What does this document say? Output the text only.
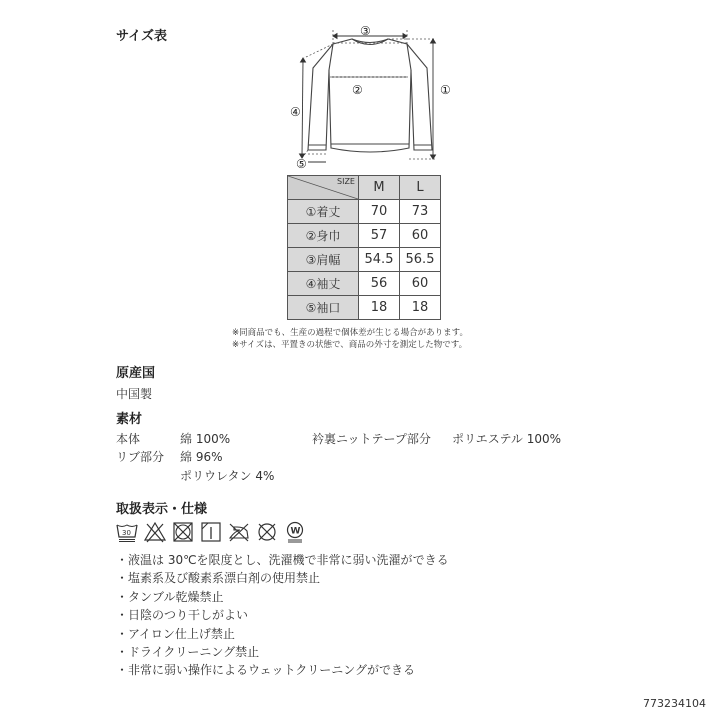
サイズ表	③
②	①
④
⑤
SIZE	M	L
①着丈	70	73
②身巾	57	60
③肩幅	54.5	56.5
④袖丈	56	60
⑤袖口	18	18
※同商品でも、生産の過程で個体差が生じる場合があります。
※サイズは、平置きの状態で、商品の外寸を測定した物です。
原産国
中国製
素材
本体	綿 100%	衿裏ニットテープ部分 ポリエステル 100%
リブ部分 綿 96%
ポリウレタン 4%
取扱表示・仕様
30	W
・液温は 30℃を限度とし、洗濯機で非常に弱い洗濯ができる
・塩素系及び酸素系漂白剤の使用禁止
・タンブル乾燥禁止
・日陰のつり干しがよい
・アイロン仕上げ禁止
・ドライクリーニング禁止
・非常に弱い操作によるウェットクリーニングができる
773234104
